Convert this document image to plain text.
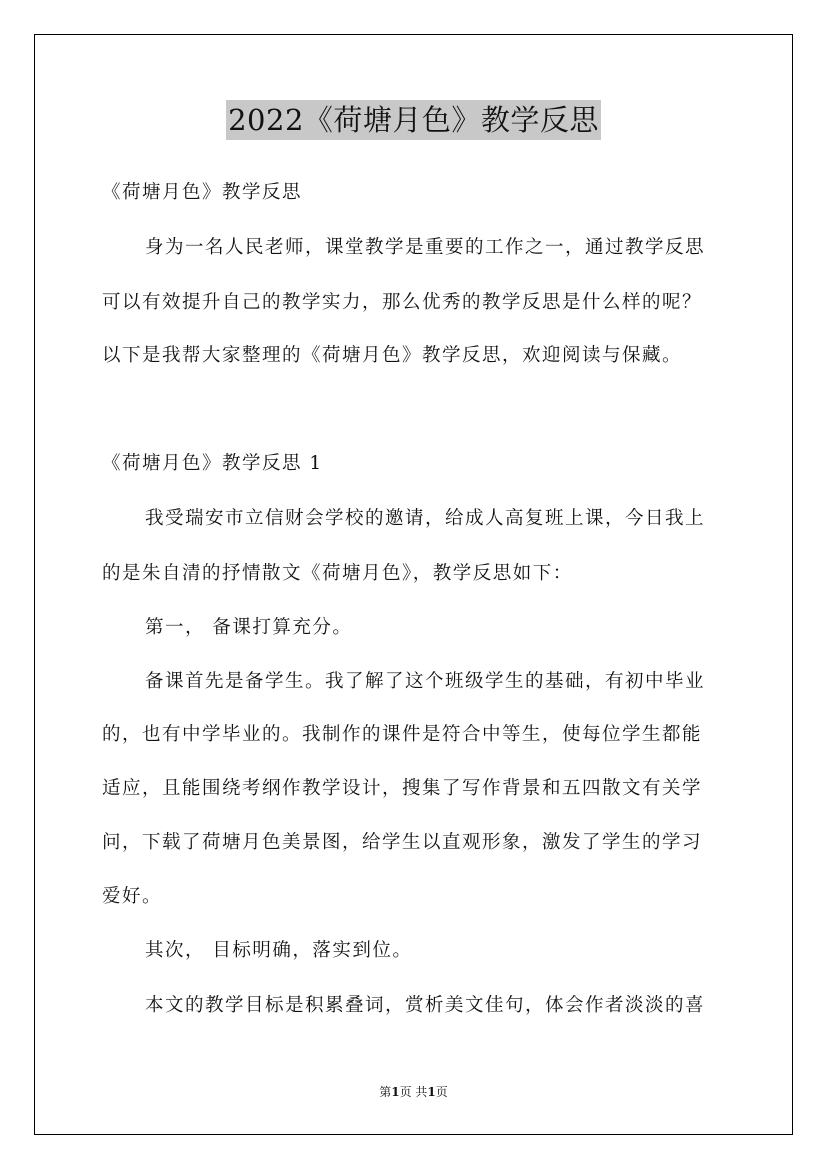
2022《荷塘月色》教学反思
《荷塘月色》教学反思
身为一名人民老师，课堂教学是重要的工作之一，通过教学反思
可以有效提升自己的教学实力，那么优秀的教学反思是什么样的呢？
以下是我帮大家整理的《荷塘月色》教学反思，欢迎阅读与保藏。
《荷塘月色》教学反思 1
我受瑞安市立信财会学校的邀请，给成人高复班上课，今日我上
的是朱自清的抒情散文《荷塘月色》，教学反思如下：
第一， 备课打算充分。
备课首先是备学生。我了解了这个班级学生的基础，有初中毕业
的，也有中学毕业的。我制作的课件是符合中等生，使每位学生都能
适应，且能围绕考纲作教学设计，搜集了写作背景和五四散文有关学
问，下载了荷塘月色美景图，给学生以直观形象，激发了学生的学习
爱好。
其次， 目标明确，落实到位。
本文的教学目标是积累叠词，赏析美文佳句，体会作者淡淡的喜
第1页 共1页
